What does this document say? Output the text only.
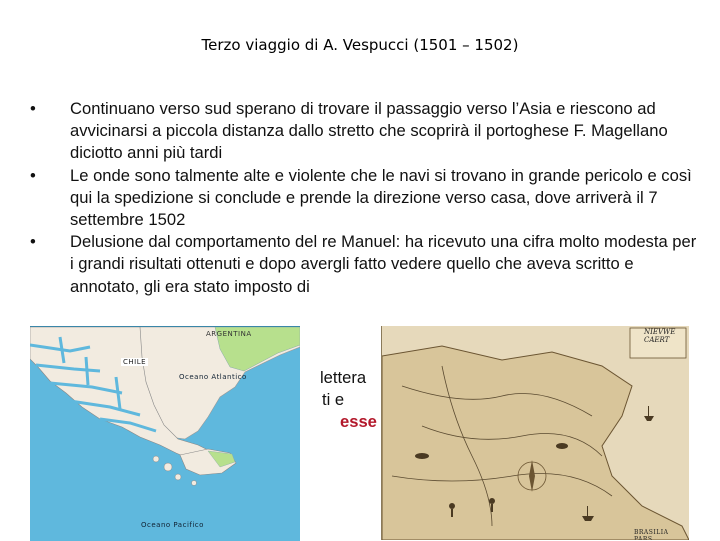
Terzo viaggio di A. Vespucci (1501 – 1502)
• Continuano verso sud sperano di trovare il passaggio verso l’Asia e riescono ad avvicinarsi a piccola distanza dallo stretto che scoprirà il portoghese F. Magellano diciotto anni più tardi
• Le onde sono talmente alte e violente che le navi si trovano in grande pericolo e così qui la spedizione si conclude e prende la direzione verso casa, dove arriverà il 7 settembre 1502
• Delusione dal comportamento del re Manuel: ha ricevuto una cifra molto modesta per i grandi risultati ottenuti e dopo avergli fatto vedere quello che aveva scritto e annotato, gli era stato imposto di
lettera
ti e
esse
ARGENTINA
CHILE
Oceano Atlantico
Oceano Pacifico
NIEVWE CAERT
BRASILIA PARS
